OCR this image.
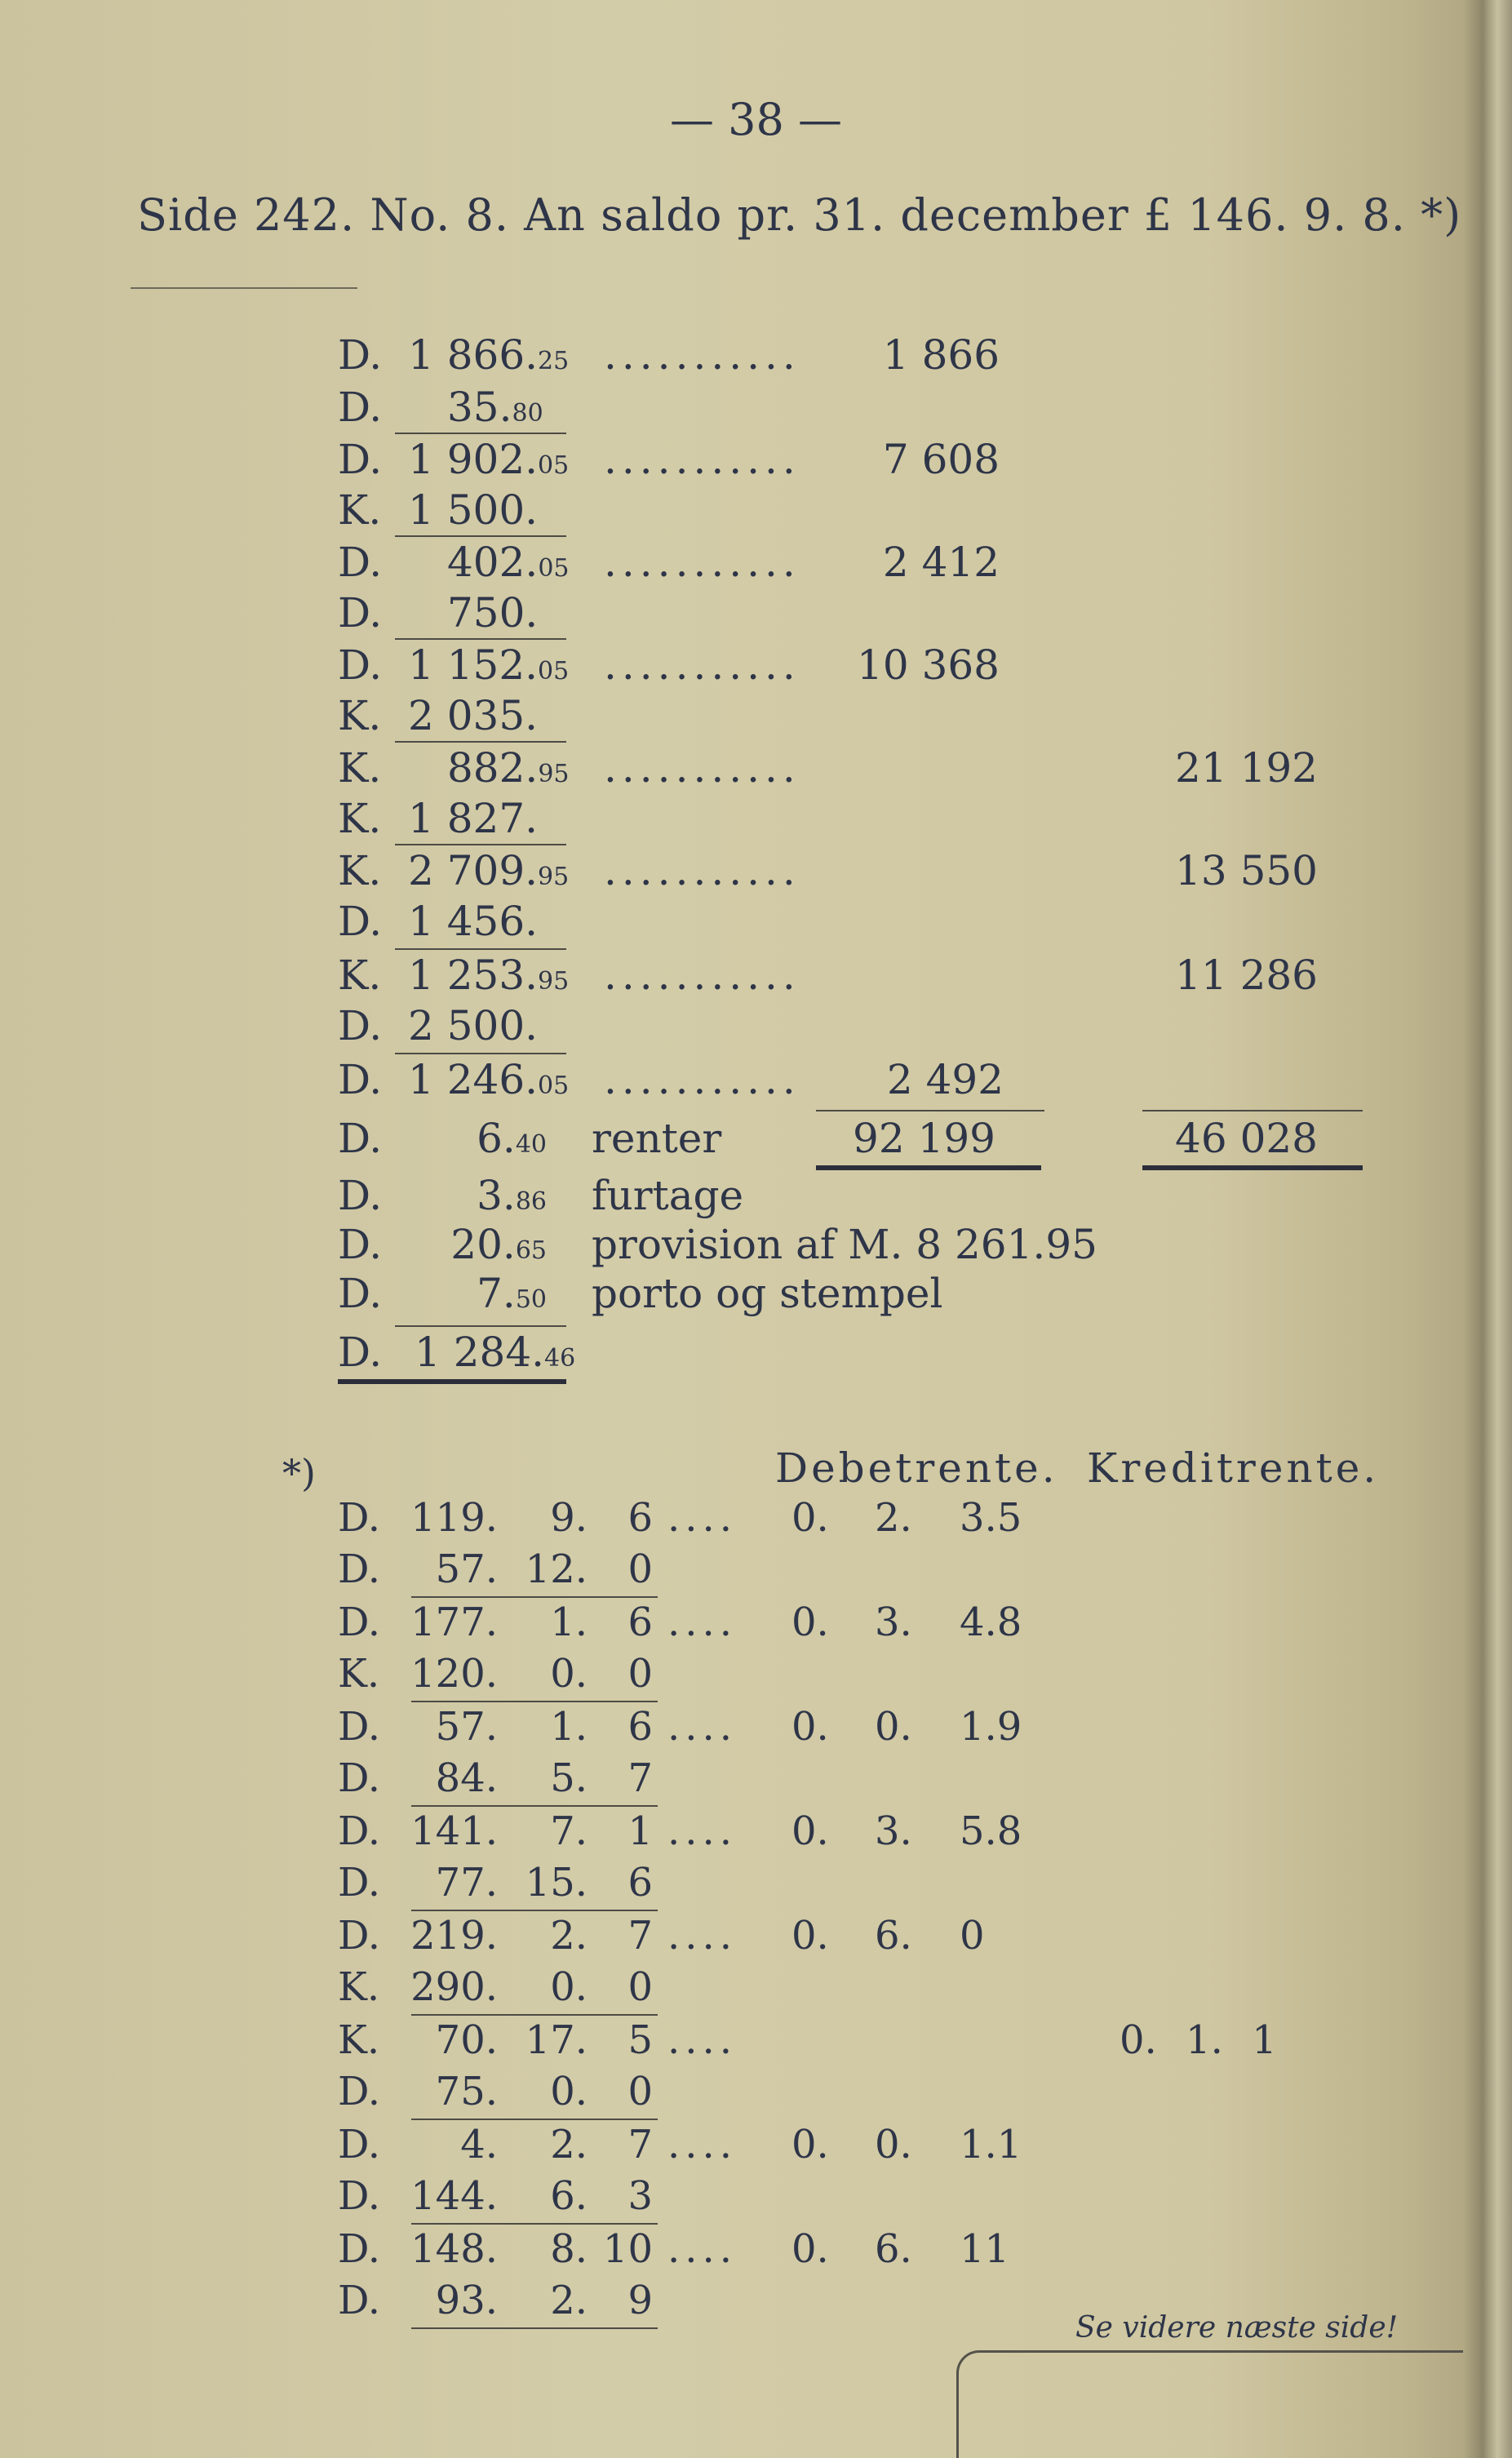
— 38 —
Side 242. No. 8. An saldo pr. 31. december £ 146. 9. 8. *)
D. 1 866.25 ...........	1 866
D. 35.80
D. 1 902.05 ...........	7 608
K. 1 500.
D. 402.05 ...........	2 412
D. 750.
D. 1 152.05 ...........	10 368
K. 2 035.
K. 882.95 ...........	21 192
K. 1 827.
K. 2 709.95 ...........	13 550
D. 1 456.
K. 1 253.95 ...........	11 286
D. 2 500.
D. 1 246.05 ...........	2 492
D.	6.40 renter	92 199	46 028
D.	3.86 furtage
D. 20.65 provision af M. 8 261.95
D.	7.50 porto og stempel
D. 1 284.46
*)	Debetrente. Kreditrente.
D. 119.	9.	6 .... 0. 2. 3.5
D.	57. 12.	0
D. 177.	1.	6 .... 0. 3. 4.8
K. 120.	0.	0
D.	57.	1.	6 .... 0. 0. 1.9
D.	84.	5.	7
D. 141.	7.	1 .... 0. 3. 5.8
D.	77. 15.	6
D. 219.	2.	7 .... 0. 6. 0
K. 290.	0.	0
K.	70. 17.	5 ....	0. 1. 1
D.	75.	0.	0
D.	4.	2.	7 .... 0. 0. 1.1
D. 144.	6.	3
D. 148.	8. 10 .... 0. 6. 11
D.	93.	2.	9
Se videre næste side!
